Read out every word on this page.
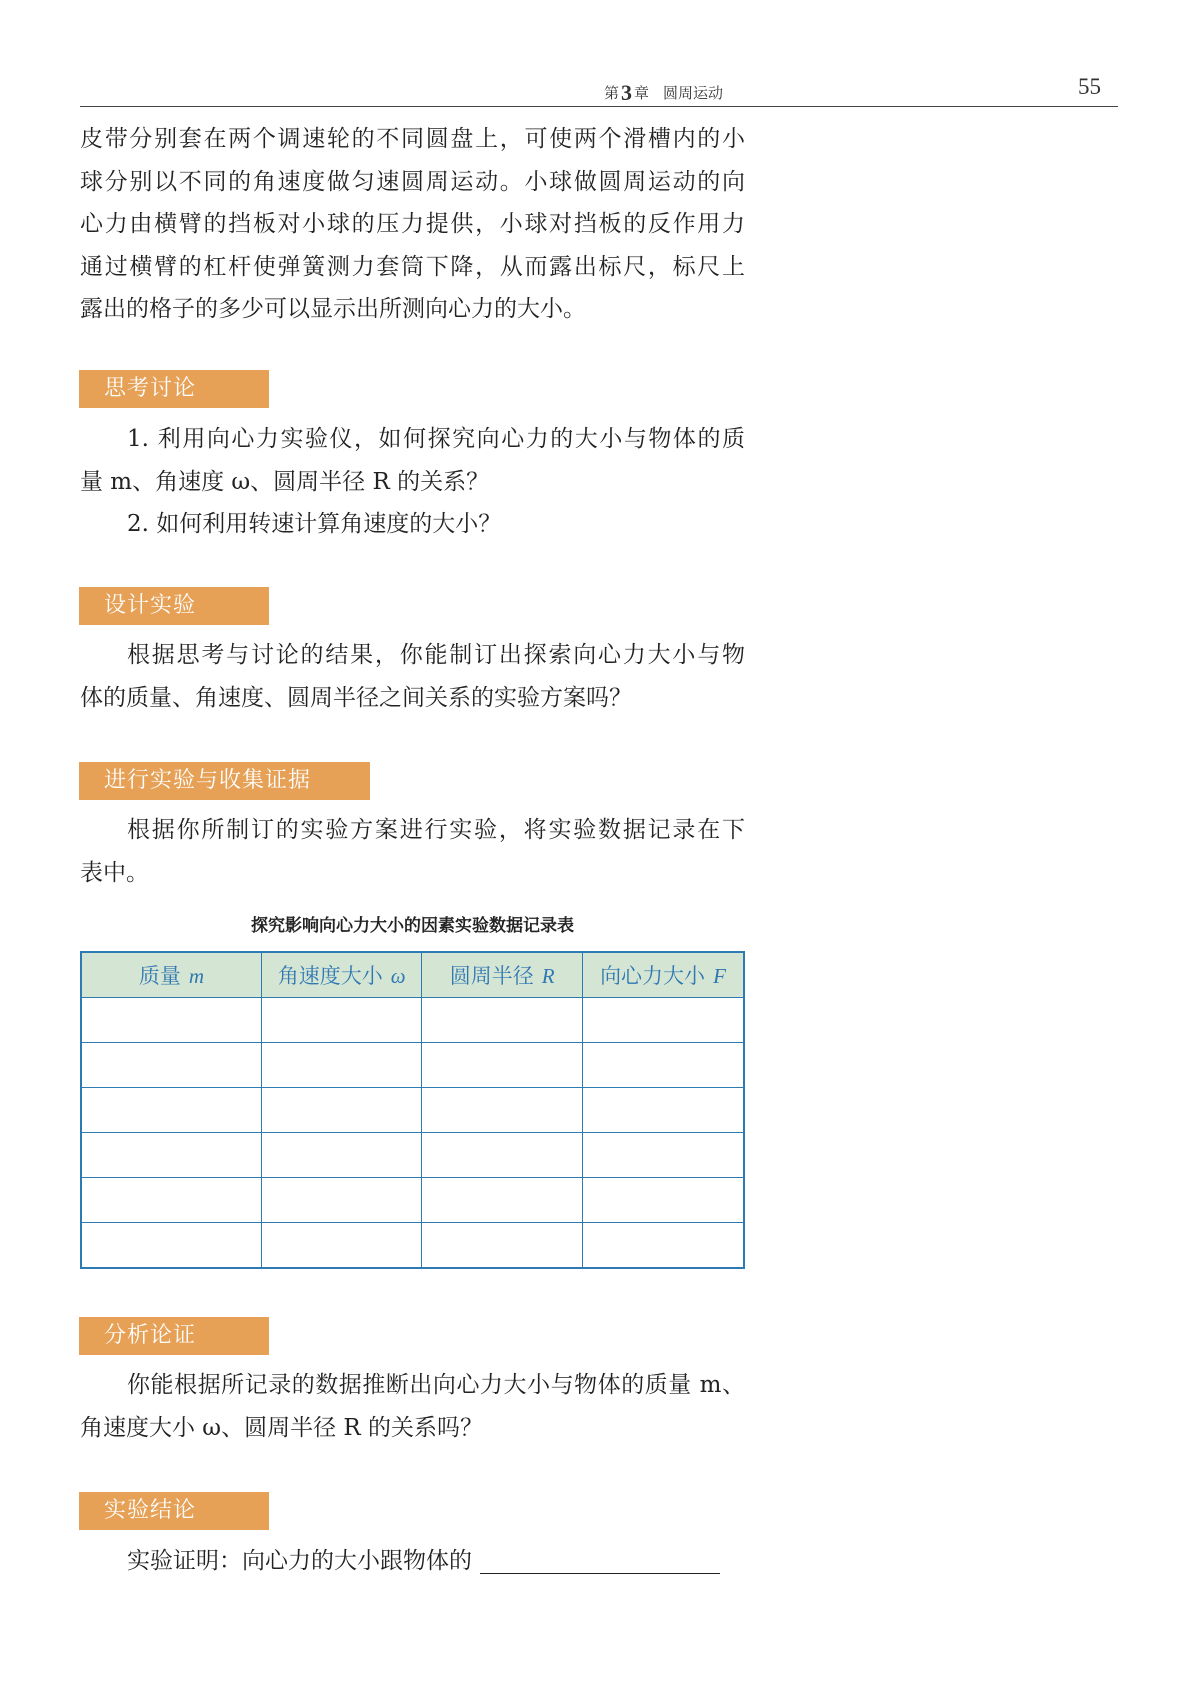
第3 章 圆周运动	55
皮带分别套在两个调速轮的不同圆盘上，可使两个滑槽内的小
球分别以不同的角速度做匀速圆周运动。小球做圆周运动的向
心力由横臂的挡板对小球的压力提供，小球对挡板的反作用力
通过横臂的杠杆使弹簧测力套筒下降，从而露出标尺，标尺上
露出的格子的多少可以显示出所测向心力的大小。
思考讨论
1. 利用向心力实验仪，如何探究向心力的大小与物体的质
量 m、角速度 ω、圆周半径 R 的关系？
2. 如何利用转速计算角速度的大小？
设计实验
根据思考与讨论的结果，你能制订出探索向心力大小与物
体的质量、角速度、圆周半径之间关系的实验方案吗？
进行实验与收集证据
根据你所制订的实验方案进行实验，将实验数据记录在下
表中。
探究影响向心力大小的因素实验数据记录表
质量 m	角速度大小 ω	圆周半径 R	向心力大小 F

分析论证
你能根据所记录的数据推断出向心力大小与物体的质量 m、
角速度大小 ω、圆周半径 R 的关系吗？
实验结论
实验证明：向心力的大小跟物体的
